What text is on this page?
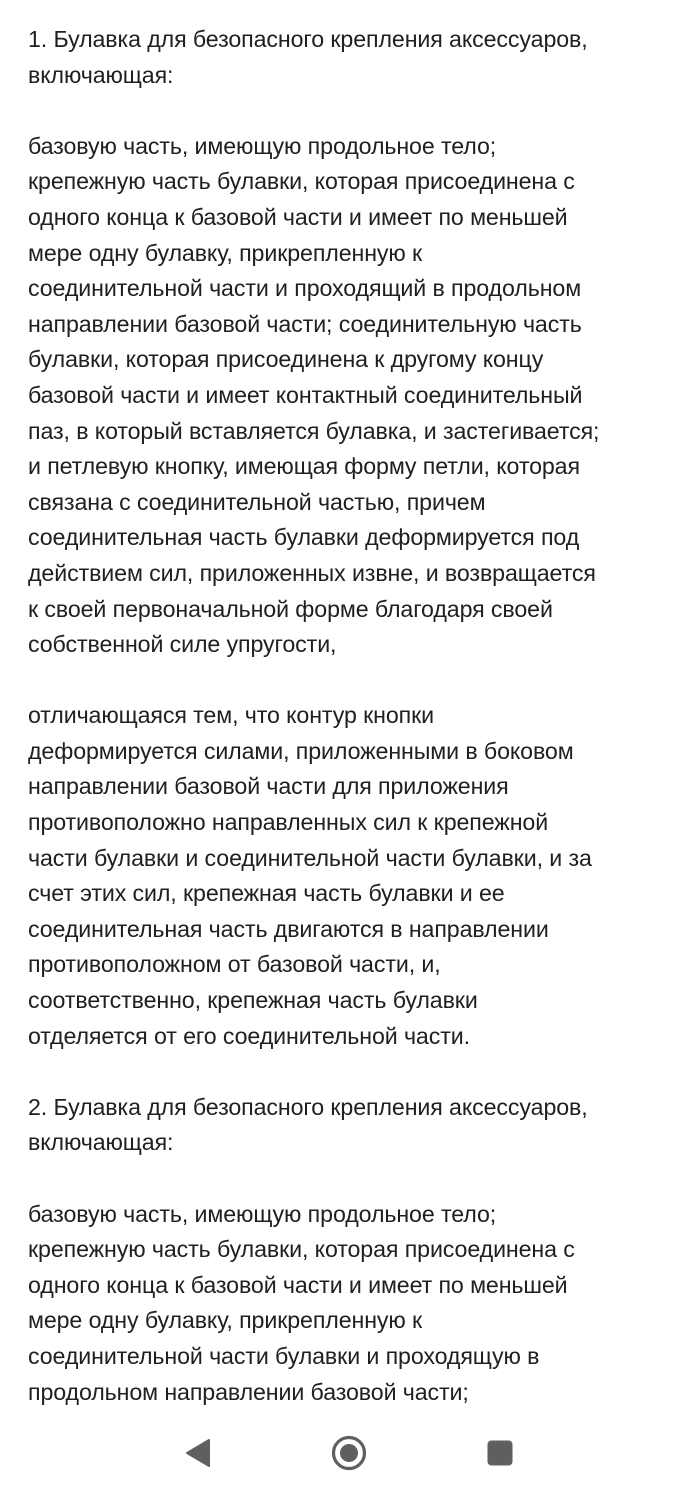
1. Булавка для безопасного крепления аксессуаров,
включающая:

базовую часть, имеющую продольное тело;
крепежную часть булавки, которая присоединена с
одного конца к базовой части и имеет по меньшей
мере одну булавку, прикрепленную к
соединительной части и проходящий в продольном
направлении базовой части; соединительную часть
булавки, которая присоединена к другому концу
базовой части и имеет контактный соединительный
паз, в который вставляется булавка, и застегивается;
и петлевую кнопку, имеющая форму петли, которая
связана с соединительной частью, причем
соединительная часть булавки деформируется под
действием сил, приложенных извне, и возвращается
к своей первоначальной форме благодаря своей
собственной силе упругости,

отличающаяся тем, что контур кнопки
деформируется силами, приложенными в боковом
направлении базовой части для приложения
противоположно направленных сил к крепежной
части булавки и соединительной части булавки, и за
счет этих сил, крепежная часть булавки и ее
соединительная часть двигаются в направлении
противоположном от базовой части, и,
соответственно, крепежная часть булавки
отделяется от его соединительной части.

2. Булавка для безопасного крепления аксессуаров,
включающая:

базовую часть, имеющую продольное тело;
крепежную часть булавки, которая присоединена с
одного конца к базовой части и имеет по меньшей
мере одну булавку, прикрепленную к
соединительной части булавки и проходящую в
продольном направлении базовой части;
